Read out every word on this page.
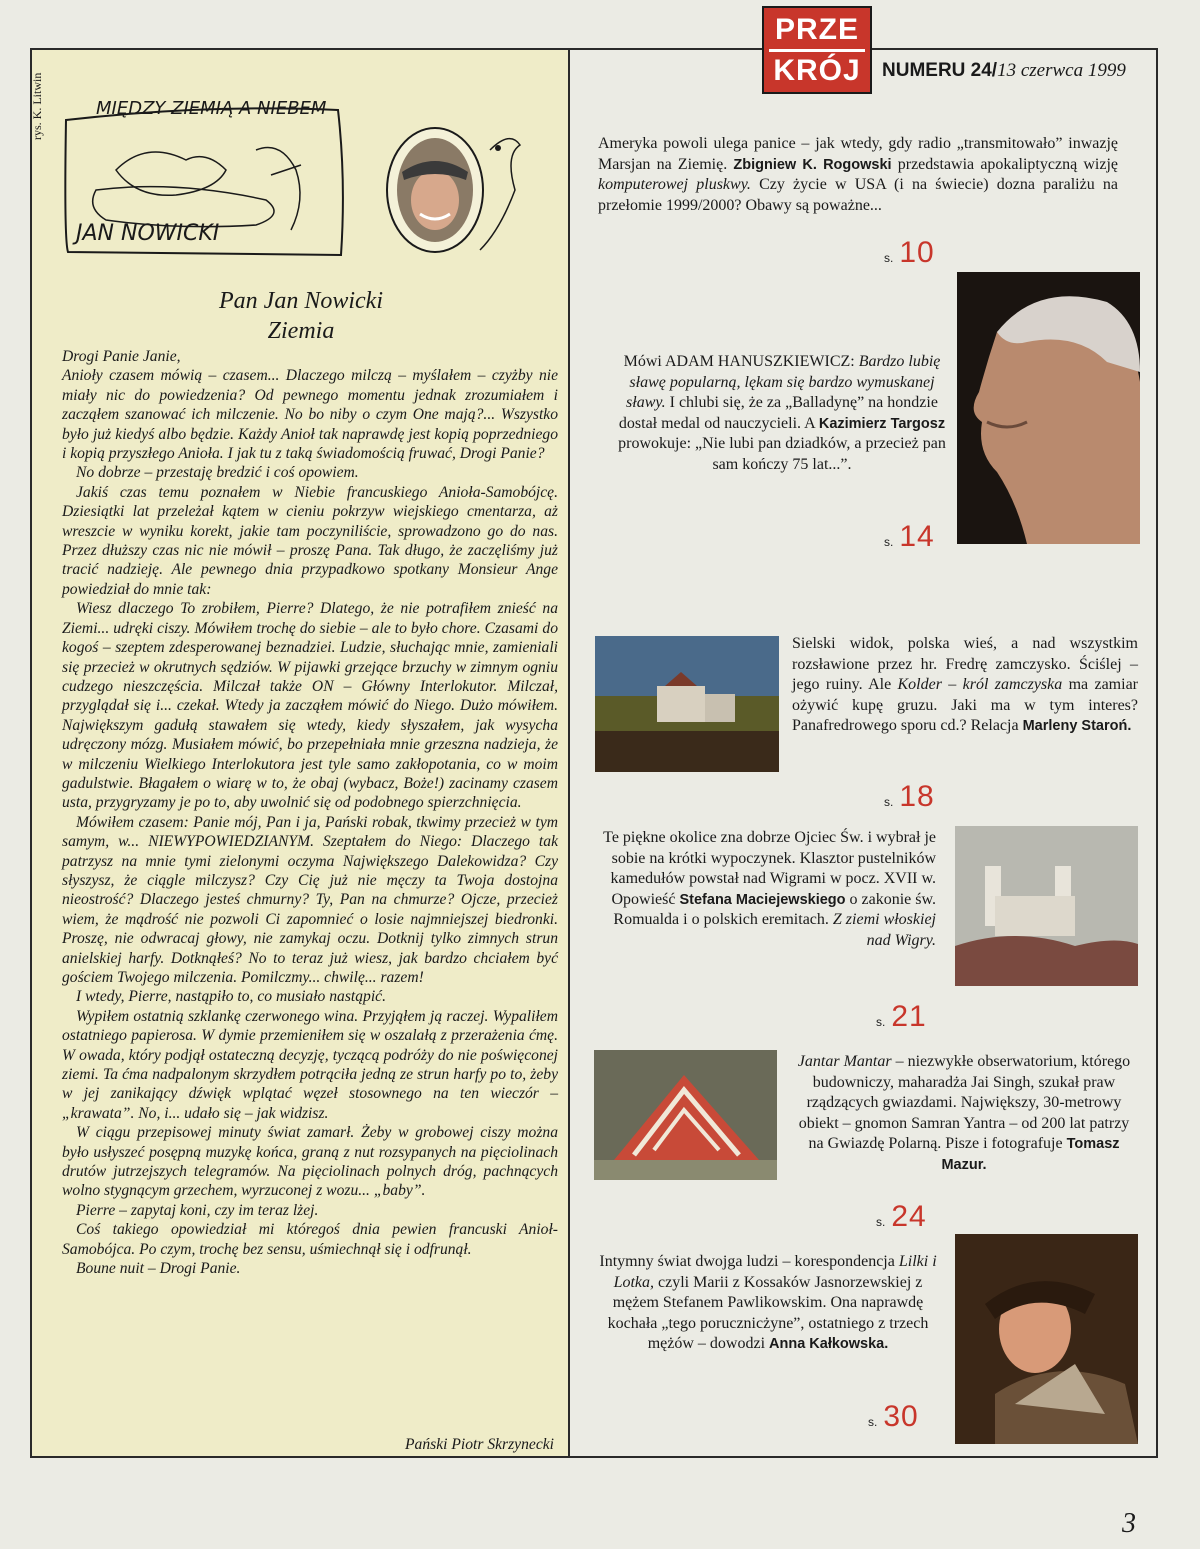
PRZE
KRÓJ NUMERU 24/13 czerwca 1999
rys. K. Litwin	MIĘDZY ZIEMIĄ A NIEBEM
JAN NOWICKI
Pan Jan Nowicki
Ziemia

Drogi Panie Janie,

Anioły czasem mówią – czasem... Dlaczego milczą – myślałem – czyżby nie miały nic do powiedzenia? Od pewnego momentu jednak zrozumiałem i zacząłem szanować ich milczenie. No bo niby o czym One mają?... Wszystko było już kiedyś albo będzie. Każdy Anioł tak naprawdę jest kopią poprzedniego i kopią przyszłego Anioła. I jak tu z taką świadomością fruwać, Drogi Panie?

No dobrze – przestaję bredzić i coś opowiem.

Jakiś czas temu poznałem w Niebie francuskiego Anioła-Samobójcę. Dziesiątki lat przeleżał kątem w cieniu pokrzyw wiejskiego cmentarza, aż wreszcie w wyniku korekt, jakie tam poczyniliście, sprowadzono go do nas. Przez dłuższy czas nic nie mówił – proszę Pana. Tak długo, że zaczęliśmy już tracić nadzieję. Ale pewnego dnia przypadkowo spotkany Monsieur Ange powiedział do mnie tak:

Wiesz dlaczego To zrobiłem, Pierre? Dlatego, że nie potrafiłem znieść na Ziemi... udręki ciszy. Mówiłem trochę do siebie – ale to było chore. Czasami do kogoś – szeptem zdesperowanej beznadziei. Ludzie, słuchając mnie, zamieniali się przecież w okrutnych sędziów. W pijawki grzejące brzuchy w zimnym ogniu cudzego nieszczęścia. Milczał także ON – Główny Interlokutor. Milczał, przyglądał się i... czekał. Wtedy ja zacząłem mówić do Niego. Dużo mówiłem. Największym gadułą stawałem się wtedy, kiedy słyszałem, jak wysycha udręczony mózg. Musiałem mówić, bo przepełniała mnie grzeszna nadzieja, że w milczeniu Wielkiego Interlokutora jest tyle samo zakłopotania, co w moim gadulstwie. Błagałem o wiarę w to, że obaj (wybacz, Boże!) zacinamy czasem usta, przygryzamy je po to, aby uwolnić się od podobnego spierzchnięcia.

Mówiłem czasem: Panie mój, Pan i ja, Pański robak, tkwimy przecież w tym samym, w... NIEWYPOWIEDZIANYM. Szeptałem do Niego: Dlaczego tak patrzysz na mnie tymi zielonymi oczyma Największego Dalekowidza? Czy słyszysz, że ciągle milczysz? Czy Cię już nie męczy ta Twoja dostojna nieostrość? Dlaczego jesteś chmurny? Ty, Pan na chmurze? Ojcze, przecież wiem, że mądrość nie pozwoli Ci zapomnieć o losie najmniejszej biedronki. Proszę, nie odwracaj głowy, nie zamykaj oczu. Dotknij tylko zimnych strun anielskiej harfy. Dotknąłeś? No to teraz już wiesz, jak bardzo chciałem być gościem Twojego milczenia. Pomilczmy... chwilę... razem!

I wtedy, Pierre, nastąpiło to, co musiało nastąpić.

Wypiłem ostatnią szklankę czerwonego wina. Przyjąłem ją raczej. Wypaliłem ostatniego papierosa. W dymie przemieniłem się w oszalałą z przerażenia ćmę. W owada, który podjął ostateczną decyzję, tyczącą podróży do nie poświęconej ziemi. Ta ćma nadpalonym skrzydłem potrąciła jedną ze strun harfy po to, żeby w jej zanikający dźwięk wplątać węzeł stosownego na ten wieczór – „krawata”. No, i... udało się – jak widzisz.

W ciągu przepisowej minuty świat zamarł. Żeby w grobowej ciszy można było usłyszeć posępną muzykę końca, graną z nut rozsypanych na pięciolinach drutów jutrzejszych telegramów. Na pięciolinach polnych dróg, pachnących wolno stygnącym grzechem, wyrzuconej z wozu... „baby”.

Pierre – zapytaj koni, czy im teraz lżej.

Coś takiego opowiedział mi któregoś dnia pewien francuski Anioł-Samobójca. Po czym, trochę bez sensu, uśmiechnął się i odfrunął.

Boune nuit – Drogi Panie.

Pański Piotr Skrzynecki
Ameryka powoli ulega panice – jak wtedy, gdy radio „transmitowało” inwazję Marsjan na Ziemię. Zbigniew K. Rogowski przedstawia apokaliptyczną wizję komputerowej pluskwy. Czy życie w USA (i na świecie) dozna paraliżu na przełomie 1999/2000? Obawy są poważne...
s. 10
Mówi ADAM HANUSZKIEWICZ: Bardzo lubię sławę popularną, lękam się bardzo wymuskanej sławy. I chlubi się, że za „Balladynę” na hondzie dostał medal od nauczycieli. A Kazimierz Targosz prowokuje: „Nie lubi pan dziadków, a przecież pan sam kończy 75 lat...”.
s. 14
Sielski widok, polska wieś, a nad wszystkim rozsławione przez hr. Fredrę zamczysko. Ściślej – jego ruiny. Ale Kolder – król zamczyska ma zamiar ożywić kupę gruzu. Jaki ma w tym interes? Panafredrowego sporu cd.? Relacja Marleny Staroń.
s. 18
Te piękne okolice zna dobrze Ojciec Św. i wybrał je sobie na krótki wypoczynek. Klasztor pustelników kamedułów powstał nad Wigrami w pocz. XVII w. Opowieść Stefana Maciejewskiego o zakonie św. Romualda i o polskich eremitach. Z ziemi włoskiej nad Wigry.
s. 21
Jantar Mantar – niezwykłe obserwatorium, którego budowniczy, maharadża Jai Singh, szukał praw rządzących gwiazdami. Największy, 30-metrowy obiekt – gnomon Samran Yantra – od 200 lat patrzy na Gwiazdę Polarną. Pisze i fotografuje Tomasz Mazur.
s. 24
Intymny świat dwojga ludzi – korespondencja Lilki i Lotka, czyli Marii z Kossaków Jasnorzewskiej z mężem Stefanem Pawlikowskim. Ona naprawdę kochała „tego porucznicżyne”, ostatniego z trzech mężów – dowodzi Anna Kałkowska.
s. 30
3
